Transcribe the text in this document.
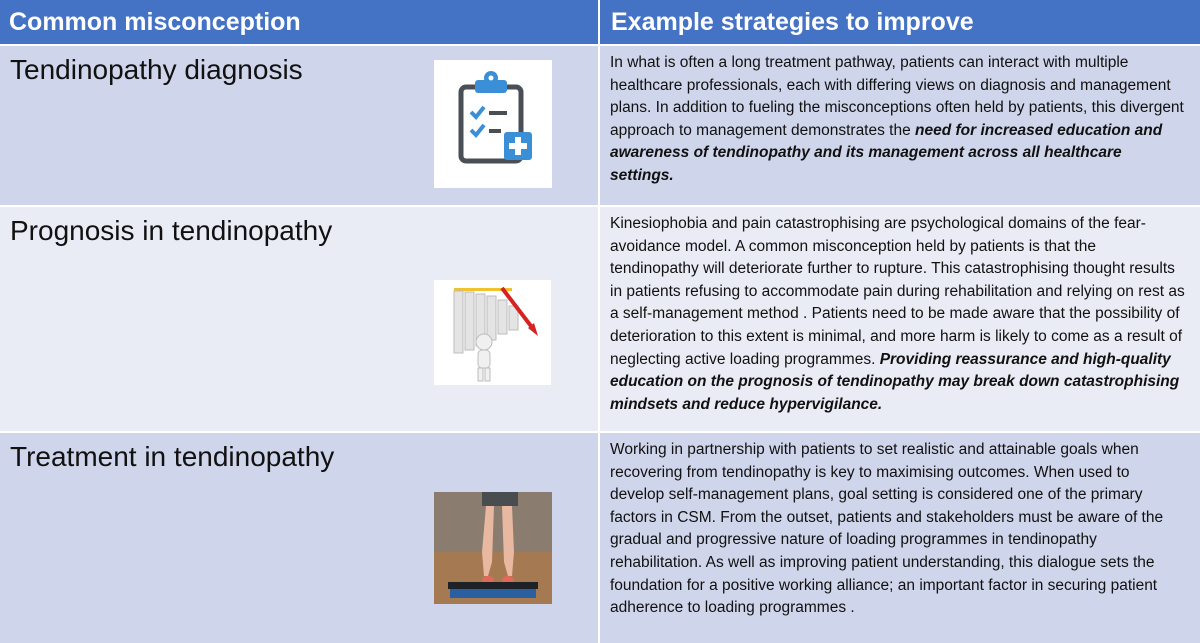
Common misconception	Example strategies to improve
Tendinopathy diagnosis	In what is often a long treatment pathway, patients can interact with multiple healthcare professionals, each with differing views on diagnosis and management plans. In addition to fueling the misconceptions often held by patients, this divergent approach to management demonstrates the need for increased education and awareness of tendinopathy and its management across all healthcare settings.
Prognosis in tendinopathy	Kinesiophobia and pain catastrophising are psychological domains of the fear-avoidance model. A common misconception held by patients is that the tendinopathy will deteriorate further to rupture. This catastrophising thought results in patients refusing to accommodate pain during rehabilitation and relying on rest as a self-management method . Patients need to be made aware that the possibility of deterioration to this extent is minimal, and more harm is likely to come as a result of neglecting active loading programmes. Providing reassurance and high-quality education on the prognosis of tendinopathy may break down catastrophising mindsets and reduce hypervigilance.
Treatment in tendinopathy	Working in partnership with patients to set realistic and attainable goals when recovering from tendinopathy is key to maximising outcomes. When used to develop self-management plans, goal setting is considered one of the primary factors in CSM. From the outset, patients and stakeholders must be aware of the gradual and progressive nature of loading programmes in tendinopathy rehabilitation. As well as improving patient understanding, this dialogue sets the foundation for a positive working alliance; an important factor in securing patient adherence to loading programmes .
